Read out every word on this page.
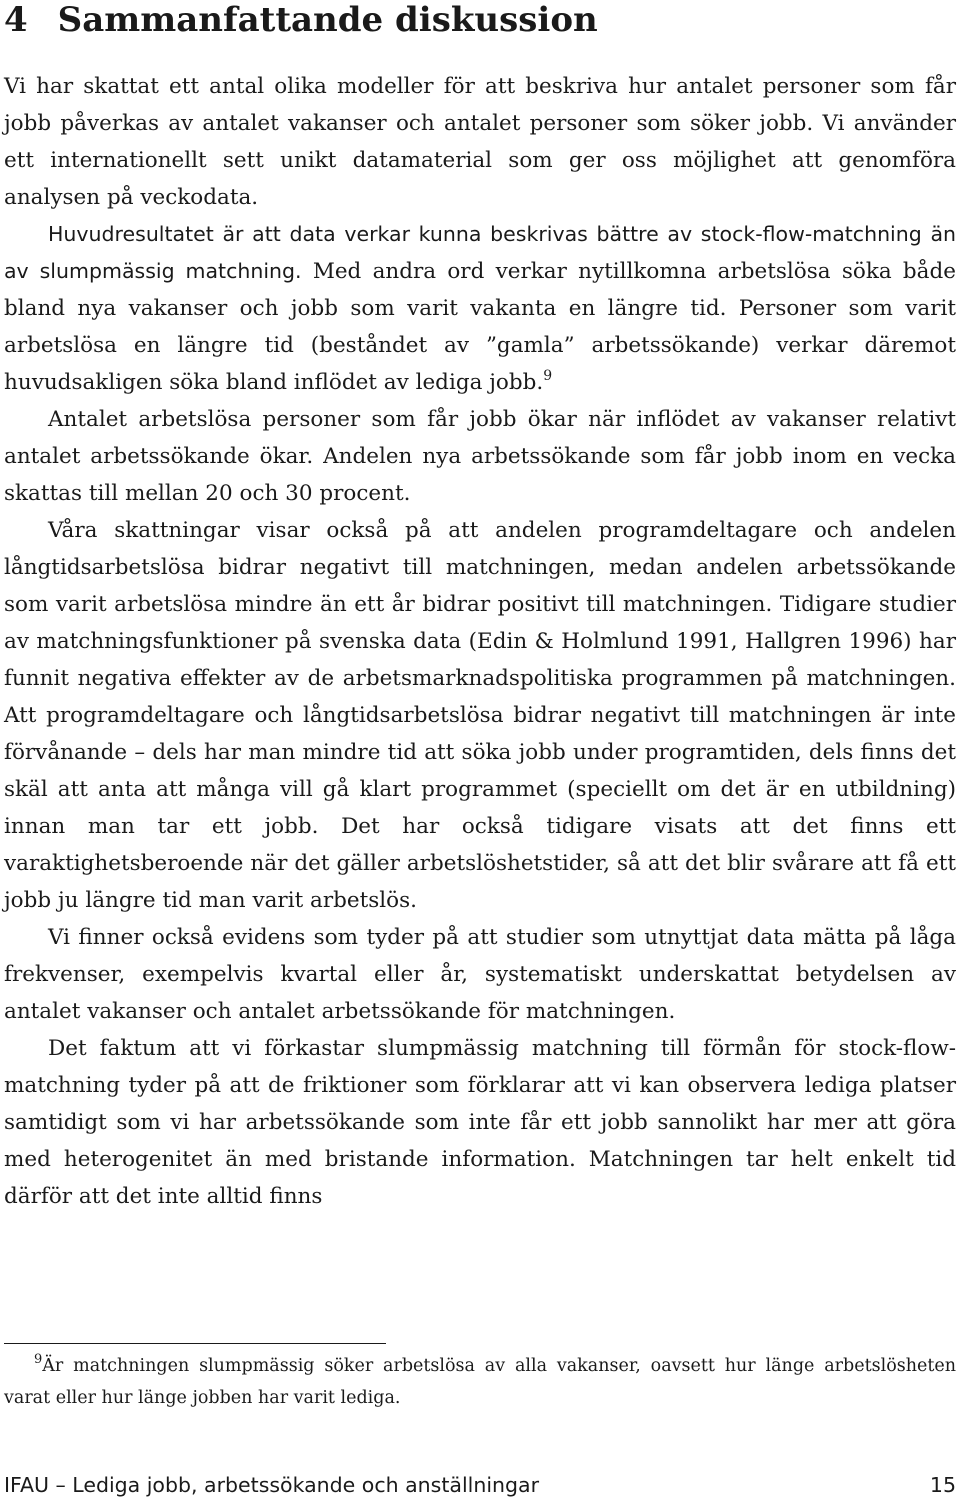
4 Sammanfattande diskussion

Vi har skattat ett antal olika modeller för att beskriva hur antalet personer som får jobb påverkas av antalet vakanser och antalet personer som söker jobb. Vi använder ett internationellt sett unikt datamaterial som ger oss möjlighet att genomföra analysen på veckodata.

Huvudresultatet är att data verkar kunna beskrivas bättre av stock-flow-matchning än av slumpmässig matchning. Med andra ord verkar nytillkomna arbetslösa söka både bland nya vakanser och jobb som varit vakanta en längre tid. Personer som varit arbetslösa en längre tid (beståndet av ”gamla” arbetssökande) verkar däremot huvudsakligen söka bland inflödet av lediga jobb.$^9$

Antalet arbetslösa personer som får jobb ökar när inflödet av vakanser relativt antalet arbetssökande ökar. Andelen nya arbetssökande som får jobb inom en vecka skattas till mellan 20 och 30 procent.

Våra skattningar visar också på att andelen programdeltagare och andelen långtidsarbetslösa bidrar negativt till matchningen, medan andelen arbetssökande som varit arbetslösa mindre än ett år bidrar positivt till matchningen. Tidigare studier av matchningsfunktioner på svenska data (Edin & Holmlund 1991, Hallgren 1996) har funnit negativa effekter av de arbetsmarknadspolitiska programmen på matchningen. Att programdeltagare och långtidsarbetslösa bidrar negativt till matchningen är inte förvånande – dels har man mindre tid att söka jobb under programtiden, dels finns det skäl att anta att många vill gå klart programmet (speciellt om det är en utbildning) innan man tar ett jobb. Det har också tidigare visats att det finns ett varaktighetsberoende när det gäller arbetslöshetstider, så att det blir svårare att få ett jobb ju längre tid man varit arbetslös.

Vi finner också evidens som tyder på att studier som utnyttjat data mätta på låga frekvenser, exempelvis kvartal eller år, systematiskt underskattat betydelsen av antalet vakanser och antalet arbetssökande för matchningen.

Det faktum att vi förkastar slumpmässig matchning till förmån för stock-flow-matchning tyder på att de friktioner som förklarar att vi kan observera lediga platser samtidigt som vi har arbetssökande som inte får ett jobb sannolikt har mer att göra med heterogenitet än med bristande information. Matchningen tar helt enkelt tid därför att det inte alltid finns

9Är matchningen slumpmässig söker arbetslösa av alla vakanser, oavsett hur länge arbetslösheten varat eller hur länge jobben har varit lediga.
IFAU – Lediga jobb, arbetssökande och anställningar	15
